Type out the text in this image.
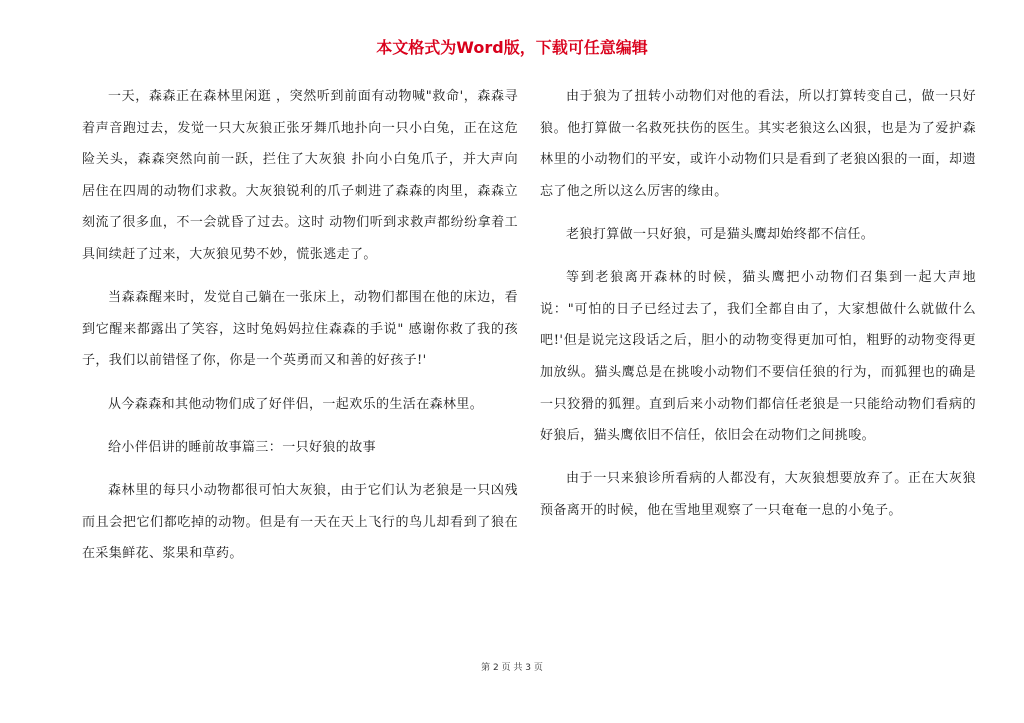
本文格式为Word版，下载可任意编辑

一天，森森正在森林里闲逛 ，突然听到前面有动物喊"救命'，森森寻着声音跑过去，发觉一只大灰狼正张牙舞爪地扑向一只小白兔，正在这危险关头，森森突然向前一跃，拦住了大灰狼 扑向小白兔爪子，并大声向 居住在四周的动物们求救。大灰狼锐利的爪子刺进了森森的肉里，森森立刻流了很多血，不一会就昏了过去。这时 动物们听到求救声都纷纷拿着工具间续赶了过来，大灰狼见势不妙，慌张逃走了。

当森森醒来时，发觉自己躺在一张床上，动物们都围在他的床边，看到它醒来都露出了笑容，这时兔妈妈拉住森森的手说" 感谢你救了我的孩子，我们以前错怪了你，你是一个英勇而又和善的好孩子!'

从今森森和其他动物们成了好伴侣，一起欢乐的生活在森林里。

给小伴侣讲的睡前故事篇三：一只好狼的故事

森林里的每只小动物都很可怕大灰狼，由于它们认为老狼是一只凶残而且会把它们都吃掉的动物。但是有一天在天上飞行的鸟儿却看到了狼在在采集鲜花、浆果和草药。

由于狼为了扭转小动物们对他的看法，所以打算转变自己，做一只好狼。他打算做一名救死扶伤的医生。其实老狼这么凶狠，也是为了爱护森林里的小动物们的平安，或许小动物们只是看到了老狼凶狠的一面，却遗忘了他之所以这么厉害的缘由。

老狼打算做一只好狼，可是猫头鹰却始终都不信任。

等到老狼离开森林的时候，猫头鹰把小动物们召集到一起大声地说："可怕的日子已经过去了，我们全都自由了，大家想做什么就做什么吧!'但是说完这段话之后，胆小的动物变得更加可怕，粗野的动物变得更加放纵。猫头鹰总是在挑唆小动物们不要信任狼的行为，而狐狸也的确是一只狡猾的狐狸。直到后来小动物们都信任老狼是一只能给动物们看病的好狼后，猫头鹰依旧不信任，依旧会在动物们之间挑唆。

由于一只来狼诊所看病的人都没有，大灰狼想要放弃了。正在大灰狼预备离开的时候，他在雪地里观察了一只奄奄一息的小兔子。

第 2 页 共 3 页
